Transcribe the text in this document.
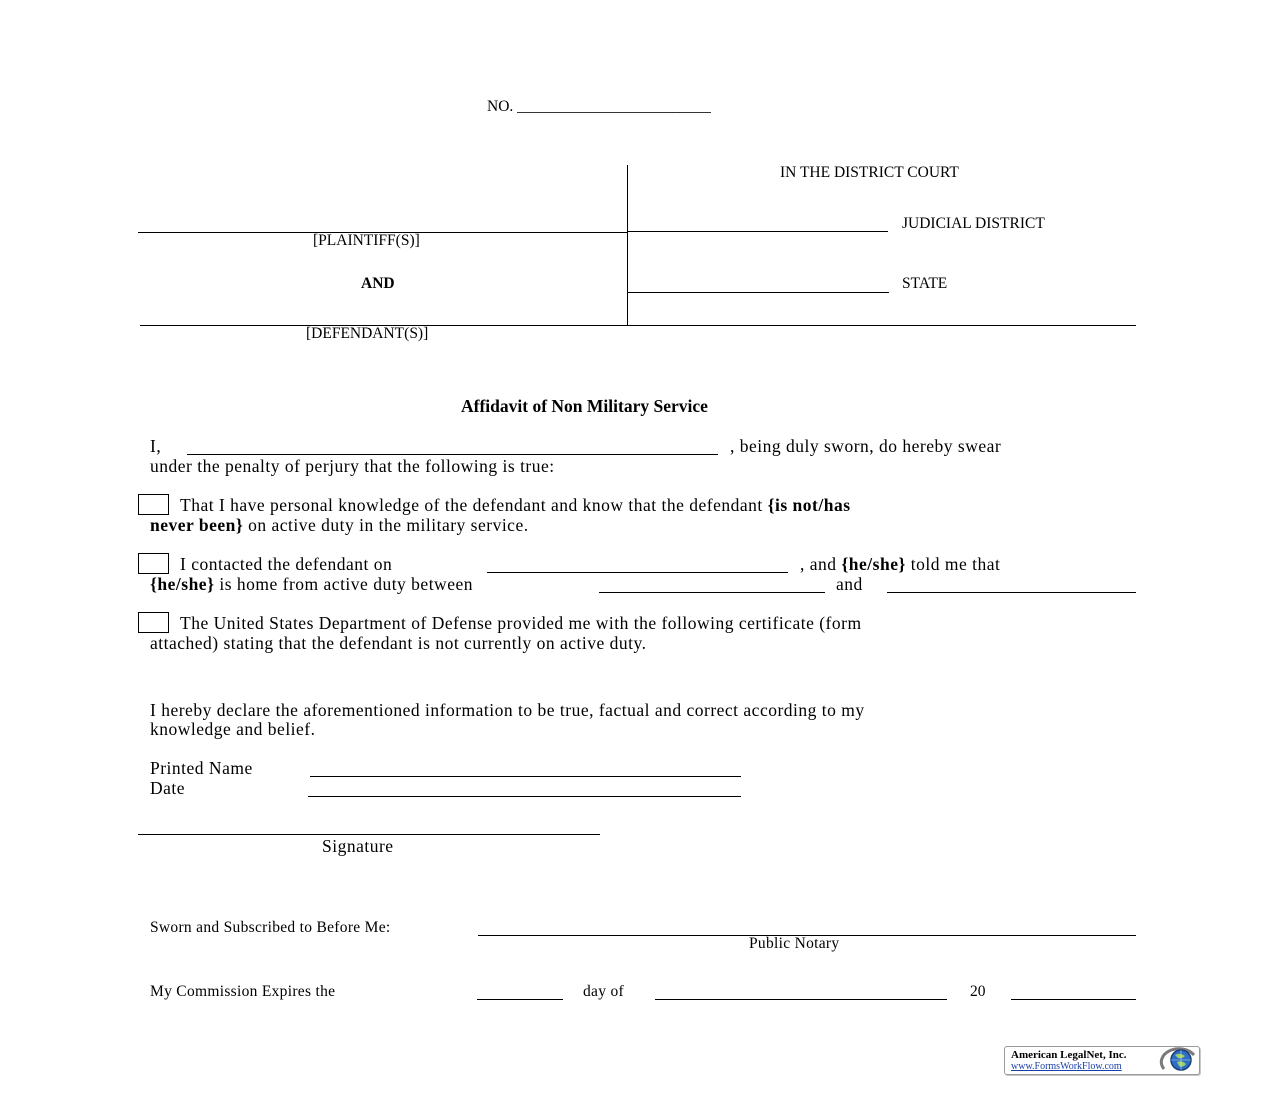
NO. _________________________
IN THE DISTRICT COURT
JUDICIAL DISTRICT
STATE
[PLAINTIFF(S)]
AND
[DEFENDANT(S)]
Affidavit of Non Military Service
I,	, being duly sworn, do hereby swear
under the penalty of perjury that the following is true:
That I have personal knowledge of the defendant and know that the defendant {is not/has
never been} on active duty in the military service.
I contacted the defendant on	, and {he/she} told me that
{he/she} is home from active duty between	and
The United States Department of Defense provided me with the following certificate (form
attached) stating that the defendant is not currently on active duty.
I hereby declare the aforementioned information to be true, factual and correct according to my
knowledge and belief.
Printed Name
Date
Signature
Sworn and Subscribed to Before Me:
Public Notary
My Commission Expires the	day of	20
American LegalNet, Inc.
www.FormsWorkFlow.com
